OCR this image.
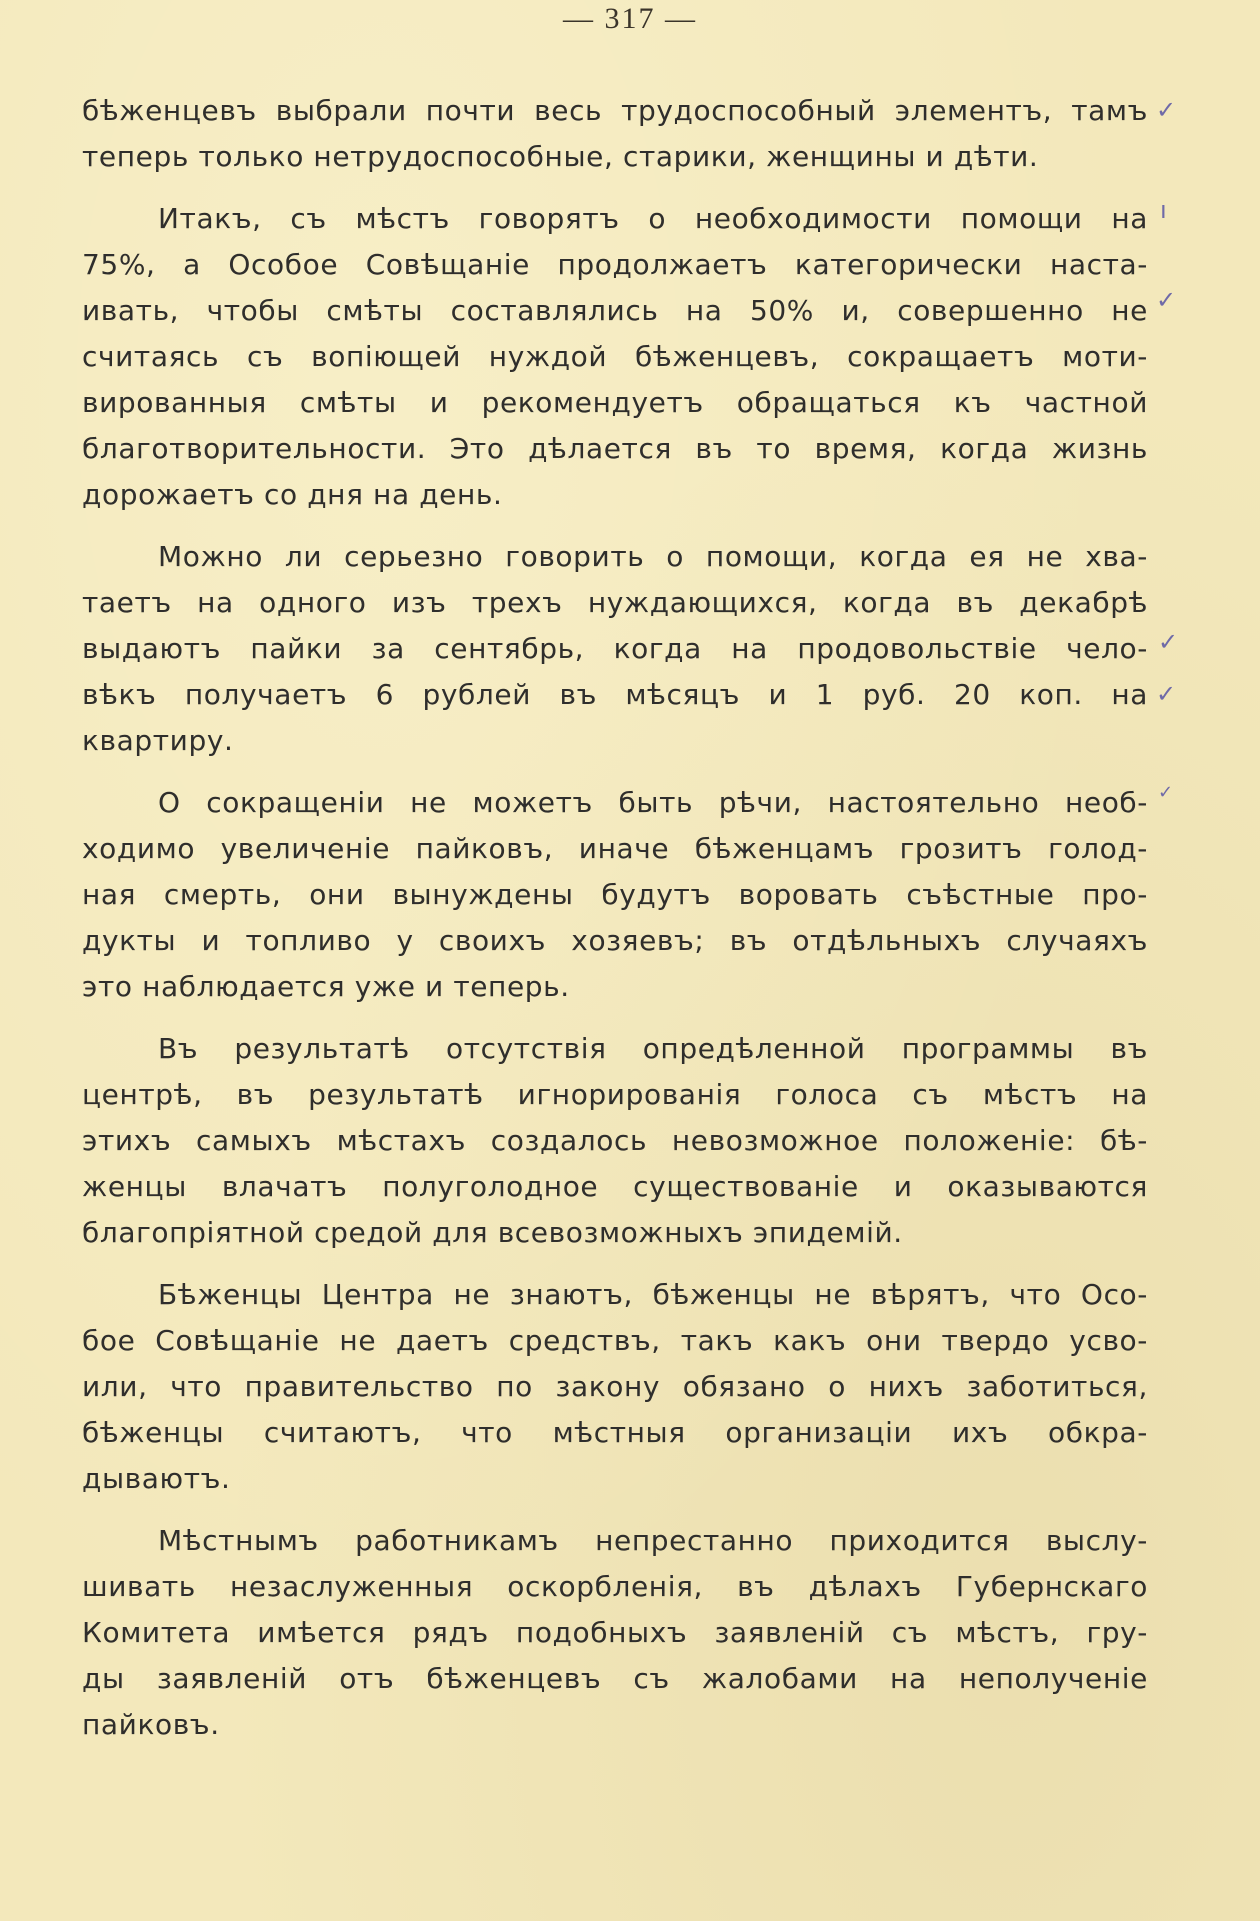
— 317 —
бѣженцевъ выбрали почти весь трудоспособный элементъ, тамъ
теперь только нетрудоспособные, старики, женщины и дѣти.
Итакъ, съ мѣстъ говорятъ о необходимости помощи на
75%, а Особое Совѣщаніе продолжаетъ категорически наста-
ивать, чтобы смѣты составлялись на 50% и, совершенно не
считаясь съ вопіющей нуждой бѣженцевъ, сокращаетъ моти-
вированныя смѣты и рекомендуетъ обращаться къ частной
благотворительности. Это дѣлается въ то время, когда жизнь
дорожаетъ со дня на день.
Можно ли серьезно говорить о помощи, когда ея не хва-
таетъ на одного изъ трехъ нуждающихся, когда въ декабрѣ
выдаютъ пайки за сентябрь, когда на продовольствіе чело-
вѣкъ получаетъ 6 рублей въ мѣсяцъ и 1 руб. 20 коп. на
квартиру.
О сокращеніи не можетъ быть рѣчи, настоятельно необ-
ходимо увеличеніе пайковъ, иначе бѣженцамъ грозитъ голод-
ная смерть, они вынуждены будутъ воровать съѣстные про-
дукты и топливо у своихъ хозяевъ; въ отдѣльныхъ случаяхъ
это наблюдается уже и теперь.
Въ результатѣ отсутствія опредѣленной программы въ
центрѣ, въ результатѣ игнорированія голоса съ мѣстъ на
этихъ самыхъ мѣстахъ создалось невозможное положеніе: бѣ-
женцы влачатъ полуголодное существованіе и оказываются
благопріятной средой для всевозможныхъ эпидемій.
Бѣженцы Центра не знаютъ, бѣженцы не вѣрятъ, что Осо-
бое Совѣщаніе не даетъ средствъ, такъ какъ они твердо усво-
или, что правительство по закону обязано о нихъ заботиться,
бѣженцы считаютъ, что мѣстныя организаціи ихъ обкра-
дываютъ.
Мѣстнымъ работникамъ непрестанно приходится выслу-
шивать незаслуженныя оскорбленія, въ дѣлахъ Губернскаго
Комитета имѣется рядъ подобныхъ заявленій съ мѣстъ, гру-
ды заявленій отъ бѣженцевъ съ жалобами на неполученіе
пайковъ.
✓
ı
✓
✓
✓
✓
